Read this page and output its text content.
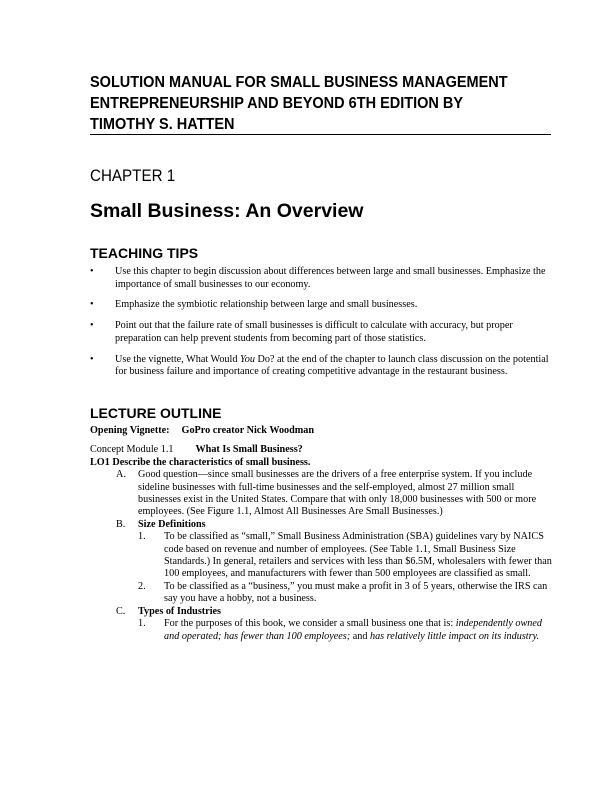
SOLUTION MANUAL FOR SMALL BUSINESS MANAGEMENT ENTREPRENEURSHIP AND BEYOND 6TH EDITION BY TIMOTHY S. HATTEN
CHAPTER 1
Small Business: An Overview
TEACHING TIPS
• Use this chapter to begin discussion about differences between large and small businesses. Emphasize the importance of small businesses to our economy.
• Emphasize the symbiotic relationship between large and small businesses.
• Point out that the failure rate of small businesses is difficult to calculate with accuracy, but proper preparation can help prevent students from becoming part of those statistics.
• Use the vignette, What Would You Do? at the end of the chapter to launch class discussion on the potential for business failure and importance of creating competitive advantage in the restaurant business.
LECTURE OUTLINE
Opening Vignette: GoPro creator Nick Woodman
Concept Module 1.1 What Is Small Business?
LO1 Describe the characteristics of small business.
A. Good question—since small businesses are the drivers of a free enterprise system. If you include sideline businesses with full-time businesses and the self-employed, almost 27 million small businesses exist in the United States. Compare that with only 18,000 businesses with 500 or more employees. (See Figure 1.1, Almost All Businesses Are Small Businesses.)
B. Size Definitions
1. To be classified as “small,” Small Business Administration (SBA) guidelines vary by NAICS code based on revenue and number of employees. (See Table 1.1, Small Business Size Standards.) In general, retailers and services with less than $6.5M, wholesalers with fewer than 100 employees, and manufacturers with fewer than 500 employees are classified as small.
2. To be classified as a “business,” you must make a profit in 3 of 5 years, otherwise the IRS can say you have a hobby, not a business.
C. Types of Industries
1. For the purposes of this book, we consider a small business one that is: independently owned and operated; has fewer than 100 employees; and has relatively little impact on its industry.
